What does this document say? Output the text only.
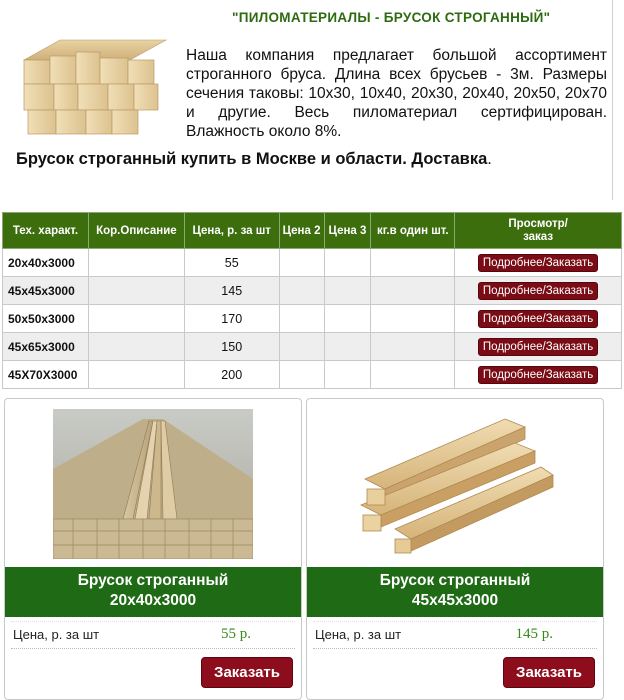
"ПИЛОМАТЕРИАЛЫ - БРУСОК СТРОГАННЫЙ"
Наша компания предлагает большой ассортимент строганного бруса. Длина всех брусьев - 3м. Размеры сечения таковы: 10х30, 10х40, 20х30, 20х40, 20х50, 20х70 и другие. Весь пиломатериал сертифицирован. Влажность около 8%.
Брусок строганный купить в Москве и области. Доставка.
Тех. характ.	Кор.Описание	Цена, р. за шт	Цена 2	Цена 3	кг.в один шт.	Просмотр/
заказ
20х40х3000		55				Подробнее/Заказать
45х45х3000		145				Подробнее/Заказать
50х50х3000		170				Подробнее/Заказать
45х65х3000		150				Подробнее/Заказать
45Х70Х3000		200				Подробнее/Заказать
Брусок строганный
20х40х3000
Цена, р. за шт	55 р.
Заказать
Брусок строганный
45х45х3000
Цена, р. за шт	145 р.
Заказать
